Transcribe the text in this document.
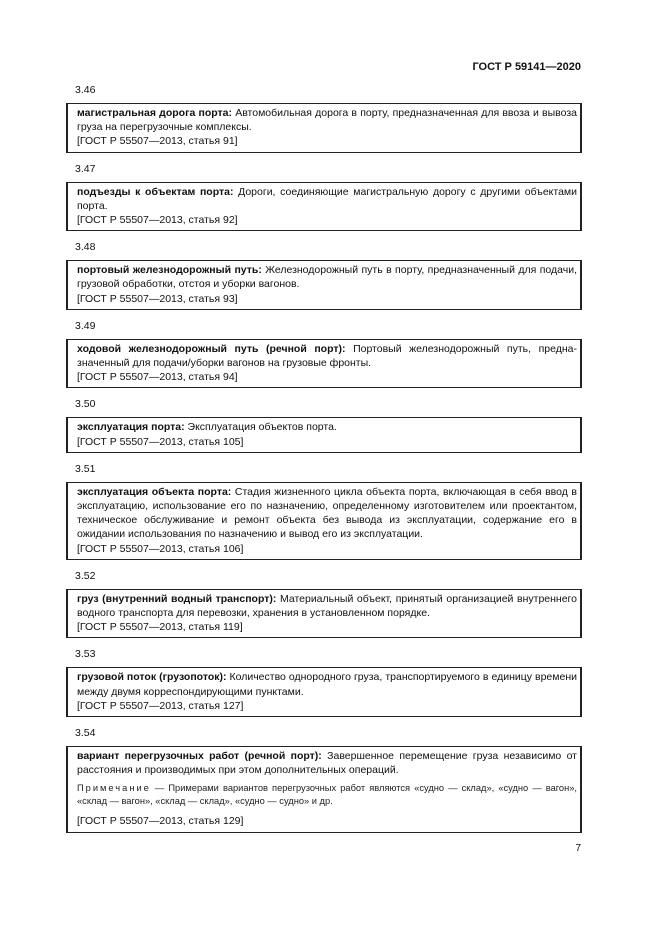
ГОСТ Р 59141—2020
3.46
магистральная дорога порта: Автомобильная дорога в порту, предназначенная для ввоза и вывоза груза на перегрузочные комплексы.
[ГОСТ Р 55507—2013, статья 91]
3.47
подъезды к объектам порта: Дороги, соединяющие магистральную дорогу с другими объектами порта.
[ГОСТ Р 55507—2013, статья 92]
3.48
портовый железнодорожный путь: Железнодорожный путь в порту, предназначенный для подачи, грузовой обработки, отстоя и уборки вагонов.
[ГОСТ Р 55507—2013, статья 93]
3.49
ходовой железнодорожный путь (речной порт): Портовый железнодорожный путь, предназначенный для подачи/уборки вагонов на грузовые фронты.
[ГОСТ Р 55507—2013, статья 94]
3.50
эксплуатация порта: Эксплуатация объектов порта.
[ГОСТ Р 55507—2013, статья 105]
3.51
эксплуатация объекта порта: Стадия жизненного цикла объекта порта, включающая в себя ввод в эксплуатацию, использование его по назначению, определенному изготовителем или проектантом, техническое обслуживание и ремонт объекта без вывода из эксплуатации, содержание его в ожидании использования по назначению и вывод его из эксплуатации.
[ГОСТ Р 55507—2013, статья 106]
3.52
груз (внутренний водный транспорт): Материальный объект, принятый организацией внутреннего водного транспорта для перевозки, хранения в установленном порядке.
[ГОСТ Р 55507—2013, статья 119]
3.53
грузовой поток (грузопоток): Количество однородного груза, транспортируемого в единицу времени между двумя корреспондирующими пунктами.
[ГОСТ Р 55507—2013, статья 127]
3.54
вариант перегрузочных работ (речной порт): Завершенное перемещение груза независимо от расстояния и производимых при этом дополнительных операций.
Примечание — Примерами вариантов перегрузочных работ являются «судно — склад», «судно — вагон», «склад — вагон», «склад — склад», «судно — судно» и др.
[ГОСТ Р 55507—2013, статья 129]
7
